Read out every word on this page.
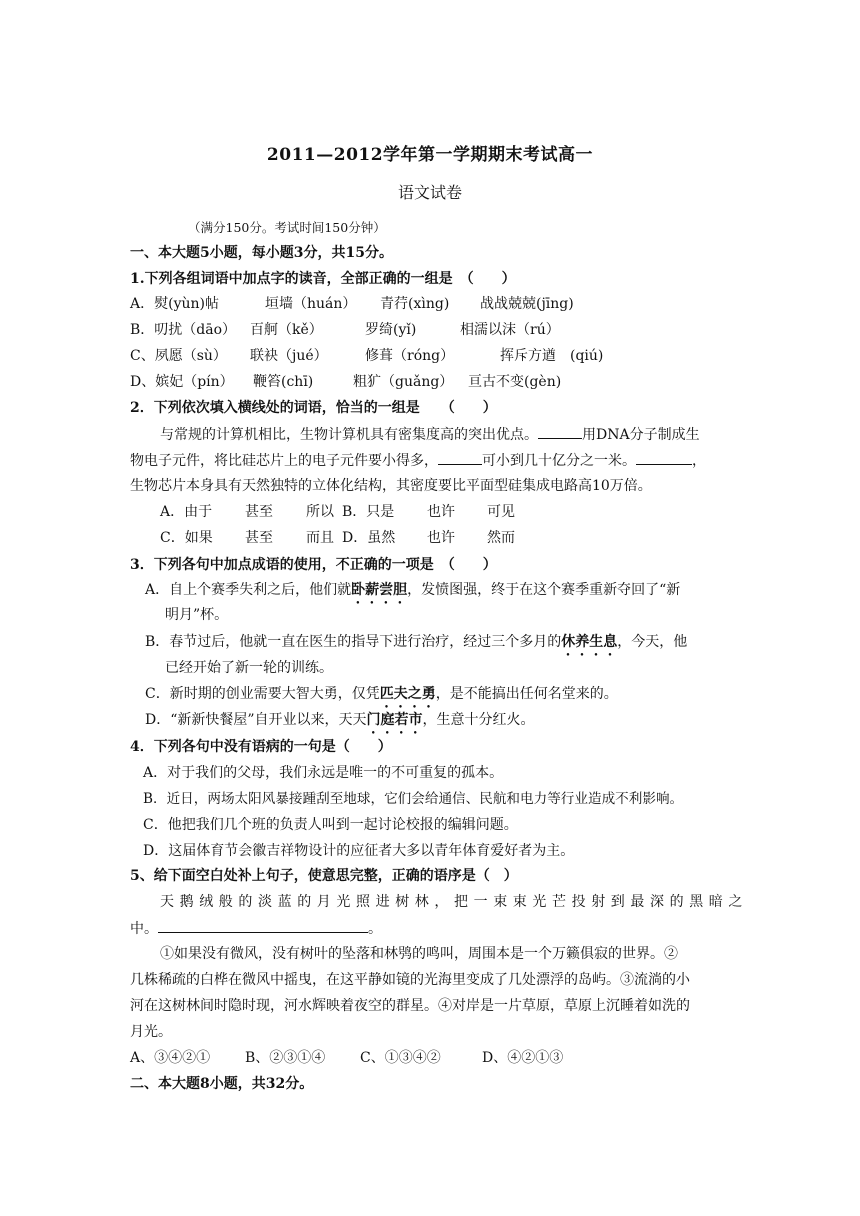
2011—2012学年第一学期期末考试高一
语文试卷
（满分150分。考试时间150分钟）
一、本大题5小题，每小题3分，共15分。
1.下列各组词语中加点字的读音，全部正确的一组是　（　　）
A．熨(yùn)帖	垣墙（huán）	青荇(xìng)	战战兢兢(jīng)
B．叨扰（dāo） 百舸（kě）	罗绮(yǐ)	相濡以沫（rú）
C、夙愿（sù）	联袂（jué）	修葺（róng）	挥斥方遒　(qiú)
D、嫔妃（pín）	鞭笞(chī)	粗犷（guǎng）	亘古不变(gèn)
2．下列依次填入横线处的词语，恰当的一组是　　（　　）
与常规的计算机相比，生物计算机具有密集度高的突出优点。	用DNA分子制成生
物电子元件，将比硅芯片上的电子元件要小得多，	可小到几十亿分之一米。	，
生物芯片本身具有天然独特的立体化结构，其密度要比平面型硅集成电路高10万倍。
A．由于	甚至	所以 B．只是	也许	可见
C．如果	甚至	而且 D．虽然	也许	然而
3．下列各句中加点成语的使用，不正确的一项是　（　　）
A．自上个赛季失利之后，他们就卧薪尝胆，发愤图强，终于在这个赛季重新夺回了“新
明月”杯。
B．春节过后，他就一直在医生的指导下进行治疗，经过三个多月的休养生息，今天，他
已经开始了新一轮的训练。
C．新时期的创业需要大智大勇，仅凭匹夫之勇，是不能搞出任何名堂来的。
D．“新新快餐屋”自开业以来，天天门庭若市，生意十分红火。
4．下列各句中没有语病的一句是（　　）
A．对于我们的父母，我们永远是唯一的不可重复的孤本。
B．近日，两场太阳风暴接踵刮至地球，它们会给通信、民航和电力等行业造成不利影响。
C．他把我们几个班的负责人叫到一起讨论校报的编辑问题。
D．这届体育节会徽吉祥物设计的应征者大多以青年体育爱好者为主。
5、给下面空白处补上句子，使意思完整，正确的语序是（　）
天鹅绒般的淡蓝的月光照进树林，把一束束光芒投射到最深的黑暗之
中。	。
①如果没有微风，没有树叶的坠落和林鸮的鸣叫，周围本是一个万籁俱寂的世界。②
几株稀疏的白桦在微风中摇曳，在这平静如镜的光海里变成了几处漂浮的岛屿。③流淌的小
河在这树林间时隐时现，河水辉映着夜空的群星。④对岸是一片草原，草原上沉睡着如洗的
月光。
A、③④②①	B、②③①④	C、①③④②	D、④②①③
二、本大题8小题，共32分。
